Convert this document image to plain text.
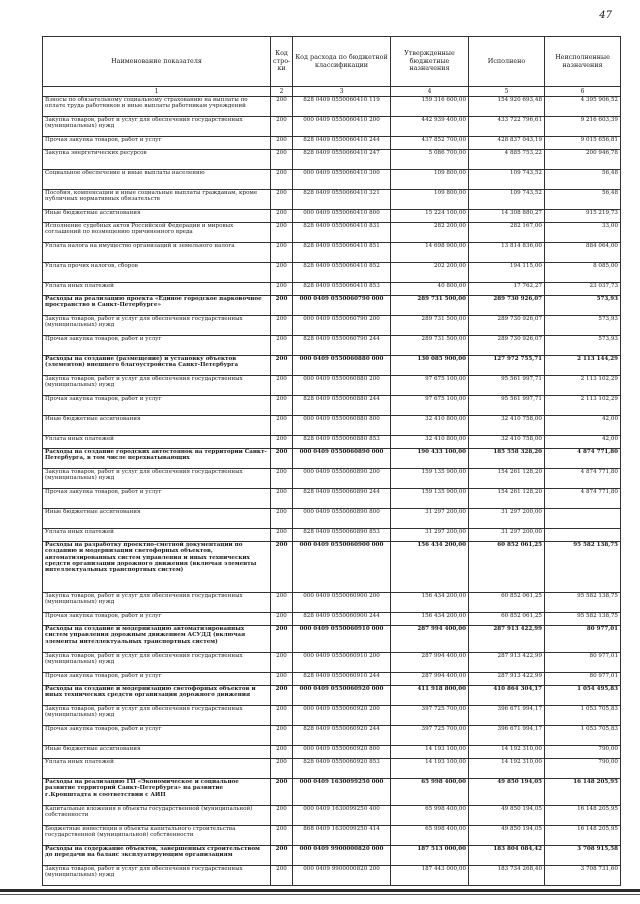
47
Наименование показателя	Код стро-ки	Код расхода по бюджетной классификации	Утвержденные бюджетные назначения	Исполнено	Неисполненные назначения
1	2	3	4	5	6
Взносы по обязательному социальному страхованию на выплаты по оплате труда работников и иные выплаты работникам учреждений	200	828 0409 0550060410 119	159 316 600,00	154 920 693,48	4 395 906,52
Закупка товаров, работ и услуг для обеспечения государственных (муниципальных) нужд	200	000 0409 0550060410 200	442 939 400,00	433 722 796,61	9 216 603,39
Прочая закупка товаров, работ и услуг	200	828 0409 0550060410 244	437 852 700,00	428 837 043,19	9 015 656,81
Закупка энергетических ресурсов	200	828 0409 0550060410 247	5 086 700,00	4 885 753,22	200 946,78
Социальное обеспечение и иные выплаты населению	200	000 0409 0550060410 300	109 800,00	109 743,52	56,48
Пособия, компенсации и иные социальные выплаты гражданам, кроме публичных нормативных обязательств	200	828 0409 0550060410 321	109 800,00	109 743,52	56,48
Иные бюджетные ассигнования	200	000 0409 0550060410 800	15 224 100,00	14 308 880,27	915 219,73
Исполнение судебных актов Российской Федерации и мировых соглашений по возмещению причиненного вреда	200	828 0409 0550060410 831	282 200,00	282 167,00	33,00
Уплата налога на имущество организаций и земельного налога	200	828 0409 0550060410 851	14 698 900,00	13 814 836,00	884 064,00
Уплата прочих налогов, сборов	200	828 0409 0550060410 852	202 200,00	194 115,00	8 085,00
Уплата иных платежей	200	828 0409 0550060410 853	40 800,00	17 762,27	23 037,73
Расходы на реализацию проекта «Единое городское парковочное пространство в Санкт-Петербурге»	200	000 0409 0550060790 000	289 731 500,00	289 730 926,07	573,93
Закупка товаров, работ и услуг для обеспечения государственных (муниципальных) нужд	200	000 0409 0550060790 200	289 731 500,00	289 730 926,07	573,93
Прочая закупка товаров, работ и услуг	200	828 0409 0550060790 244	289 731 500,00	289 730 926,07	573,93
Расходы на создание (размещение) и установку объектов (элементов) внешнего благоустройства Санкт-Петербурга	200	000 0409 0550060880 000	130 085 900,00	127 972 755,71	2 113 144,29
Закупка товаров, работ и услуг для обеспечения государственных (муниципальных) нужд	200	000 0409 0550060880 200	97 675 100,00	95 561 997,71	2 113 102,29
Прочая закупка товаров, работ и услуг	200	828 0409 0550060880 244	97 675 100,00	95 561 997,71	2 113 102,29
Иные бюджетные ассигнования	200	000 0409 0550060880 800	32 410 800,00	32 410 758,00	42,00
Уплата иных платежей	200	828 0409 0550060880 853	32 410 800,00	32 410 758,00	42,00
Расходы на создание городских автостоянок на территории Санкт-Петербурга, в том числе перехватывающих	200	000 0409 0550060890 000	190 433 100,00	185 558 328,20	4 874 771,80
Закупка товаров, работ и услуг для обеспечения государственных (муниципальных) нужд	200	000 0409 0550060890 200	159 135 900,00	154 261 128,20	4 874 771,80
Прочая закупка товаров, работ и услуг	200	828 0409 0550060890 244	159 135 900,00	154 261 128,20	4 874 771,80
Иные бюджетные ассигнования	200	000 0409 0550060890 800	31 297 200,00	31 297 200,00	
Уплата иных платежей	200	828 0409 0550060890 853	31 297 200,00	31 297 200,00	
Расходы на разработку проектно-сметной документации по созданию и модернизации светофорных объектов, автоматизированных систем управления и иных технических средств организации дорожного движения (включая элементы интеллектуальных транспортных систем)	200	000 0409 0550060900 000	156 434 200,00	60 852 061,25	95 582 138,75
Закупка товаров, работ и услуг для обеспечения государственных (муниципальных) нужд	200	000 0409 0550060900 200	156 434 200,00	60 852 061,25	95 582 138,75
Прочая закупка товаров, работ и услуг	200	828 0409 0550060900 244	156 434 200,00	60 852 061,25	95 582 138,75
Расходы на создание и модернизацию автоматизированных систем управления дорожным движением АСУДД (включая элементы интеллектуальных транспортных систем)	200	000 0409 0550060910 000	287 994 400,00	287 913 422,99	80 977,01
Закупка товаров, работ и услуг для обеспечения государственных (муниципальных) нужд	200	000 0409 0550060910 200	287 994 400,00	287 913 422,99	80 977,01
Прочая закупка товаров, работ и услуг	200	828 0409 0550060910 244	287 994 400,00	287 913 422,99	80 977,01
Расходы на создание и модернизацию светофорных объектов и иных технических средств организации дорожного движения	200	000 0409 0550060920 000	411 918 800,00	410 864 304,17	1 054 495,83
Закупка товаров, работ и услуг для обеспечения государственных (муниципальных) нужд	200	000 0409 0550060920 200	397 725 700,00	396 671 994,17	1 053 705,83
Прочая закупка товаров, работ и услуг	200	828 0409 0550060920 244	397 725 700,00	396 671 994,17	1 053 705,83
Иные бюджетные ассигнования	200	000 0409 0550060920 800	14 193 100,00	14 192 310,00	790,00
Уплата иных платежей	200	828 0409 0550060920 853	14 193 100,00	14 192 310,00	790,00
Расходы на реализацию ГП «Экономическое и социальное развитие территорий Санкт-Петербурга» на развитие г.Кронштадта в соответствии с АИП	200	000 0409 1630099250 000	65 998 400,00	49 850 194,05	16 148 205,95
Капитальные вложения в объекты государственной (муниципальной) собственности	200	000 0409 1630099250 400	65 998 400,00	49 850 194,05	16 148 205,95
Бюджетные инвестиции в объекты капитального строительства государственной (муниципальной) собственности	200	868 0409 1630099250 414	65 998 400,00	49 850 194,05	16 148 205,95
Расходы на содержание объектов, завершенных строительством до передачи на баланс эксплуатирующим организациям	200	000 0409 9900000820 000	187 513 000,00	183 804 084,42	3 708 915,58
Закупка товаров, работ и услуг для обеспечения государственных (муниципальных) нужд	200	000 0409 9900000820 200	187 443 000,00	183 734 268,40	3 708 731,60
